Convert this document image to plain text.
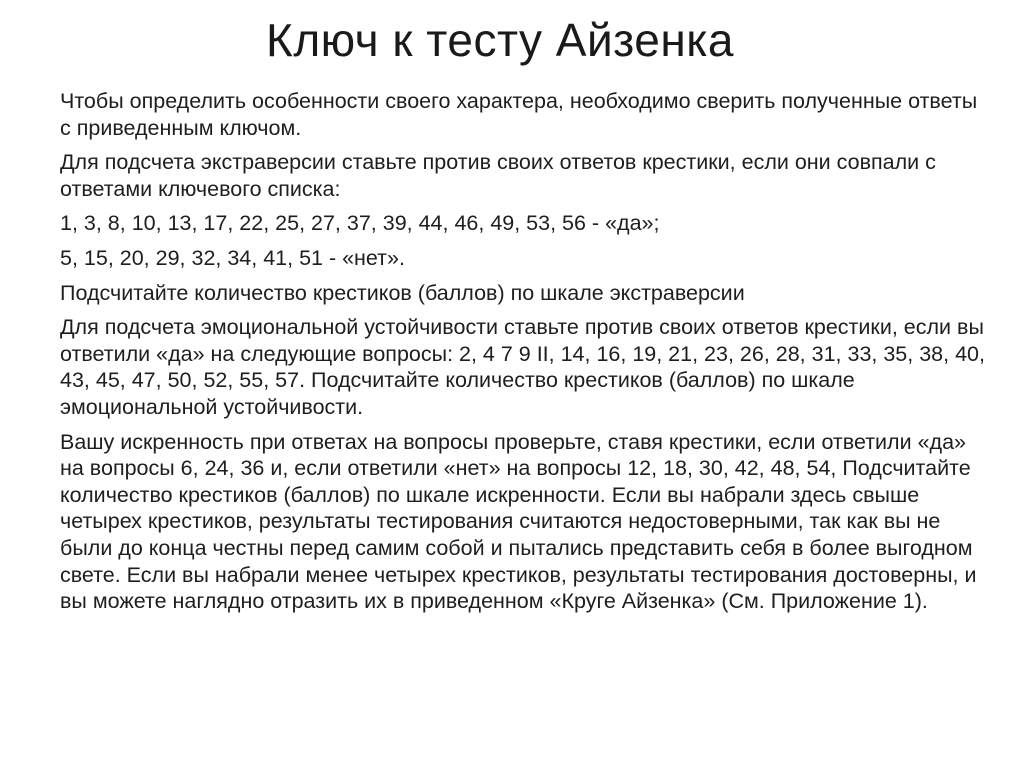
Ключ к тесту Айзенка

Чтобы определить особенности своего характера, необходимо сверить полученные ответы с приведенным ключом.

Для подсчета экстраверсии ставьте против своих ответов крестики, если они совпали с ответами ключевого списка:

1, 3, 8, 10, 13, 17, 22, 25, 27, 37, 39, 44, 46, 49, 53, 56 - «да»;

5, 15, 20, 29, 32, 34, 41, 51 - «нет».

Подсчитайте количество крестиков (баллов) по шкале экстраверсии

Для подсчета эмоциональной устойчивости ставьте против своих ответов крестики, если вы ответили «да» на следующие вопросы: 2, 4 7 9 II, 14, 16, 19, 21, 23, 26, 28, 31, 33, 35, 38, 40, 43, 45, 47, 50, 52, 55, 57. Подсчитайте количество крестиков (баллов) по шкале эмоциональной устойчивости.

Вашу искренность при ответах на вопросы проверьте, ставя крестики, если ответили «да» на вопросы 6, 24, 36 и, если ответили «нет» на вопросы 12, 18, 30, 42, 48, 54, Подсчитайте количество крестиков (баллов) по шкале искренности. Если вы набрали здесь свыше четырех крестиков, результаты тестирования считаются недостоверными, так как вы не были до конца честны перед самим собой и пытались представить себя в более выгодном свете. Если вы набрали менее четырех крестиков, результаты тестирования достоверны, и вы можете наглядно отразить их в приведенном «Круге Айзенка» (См. Приложение 1).
